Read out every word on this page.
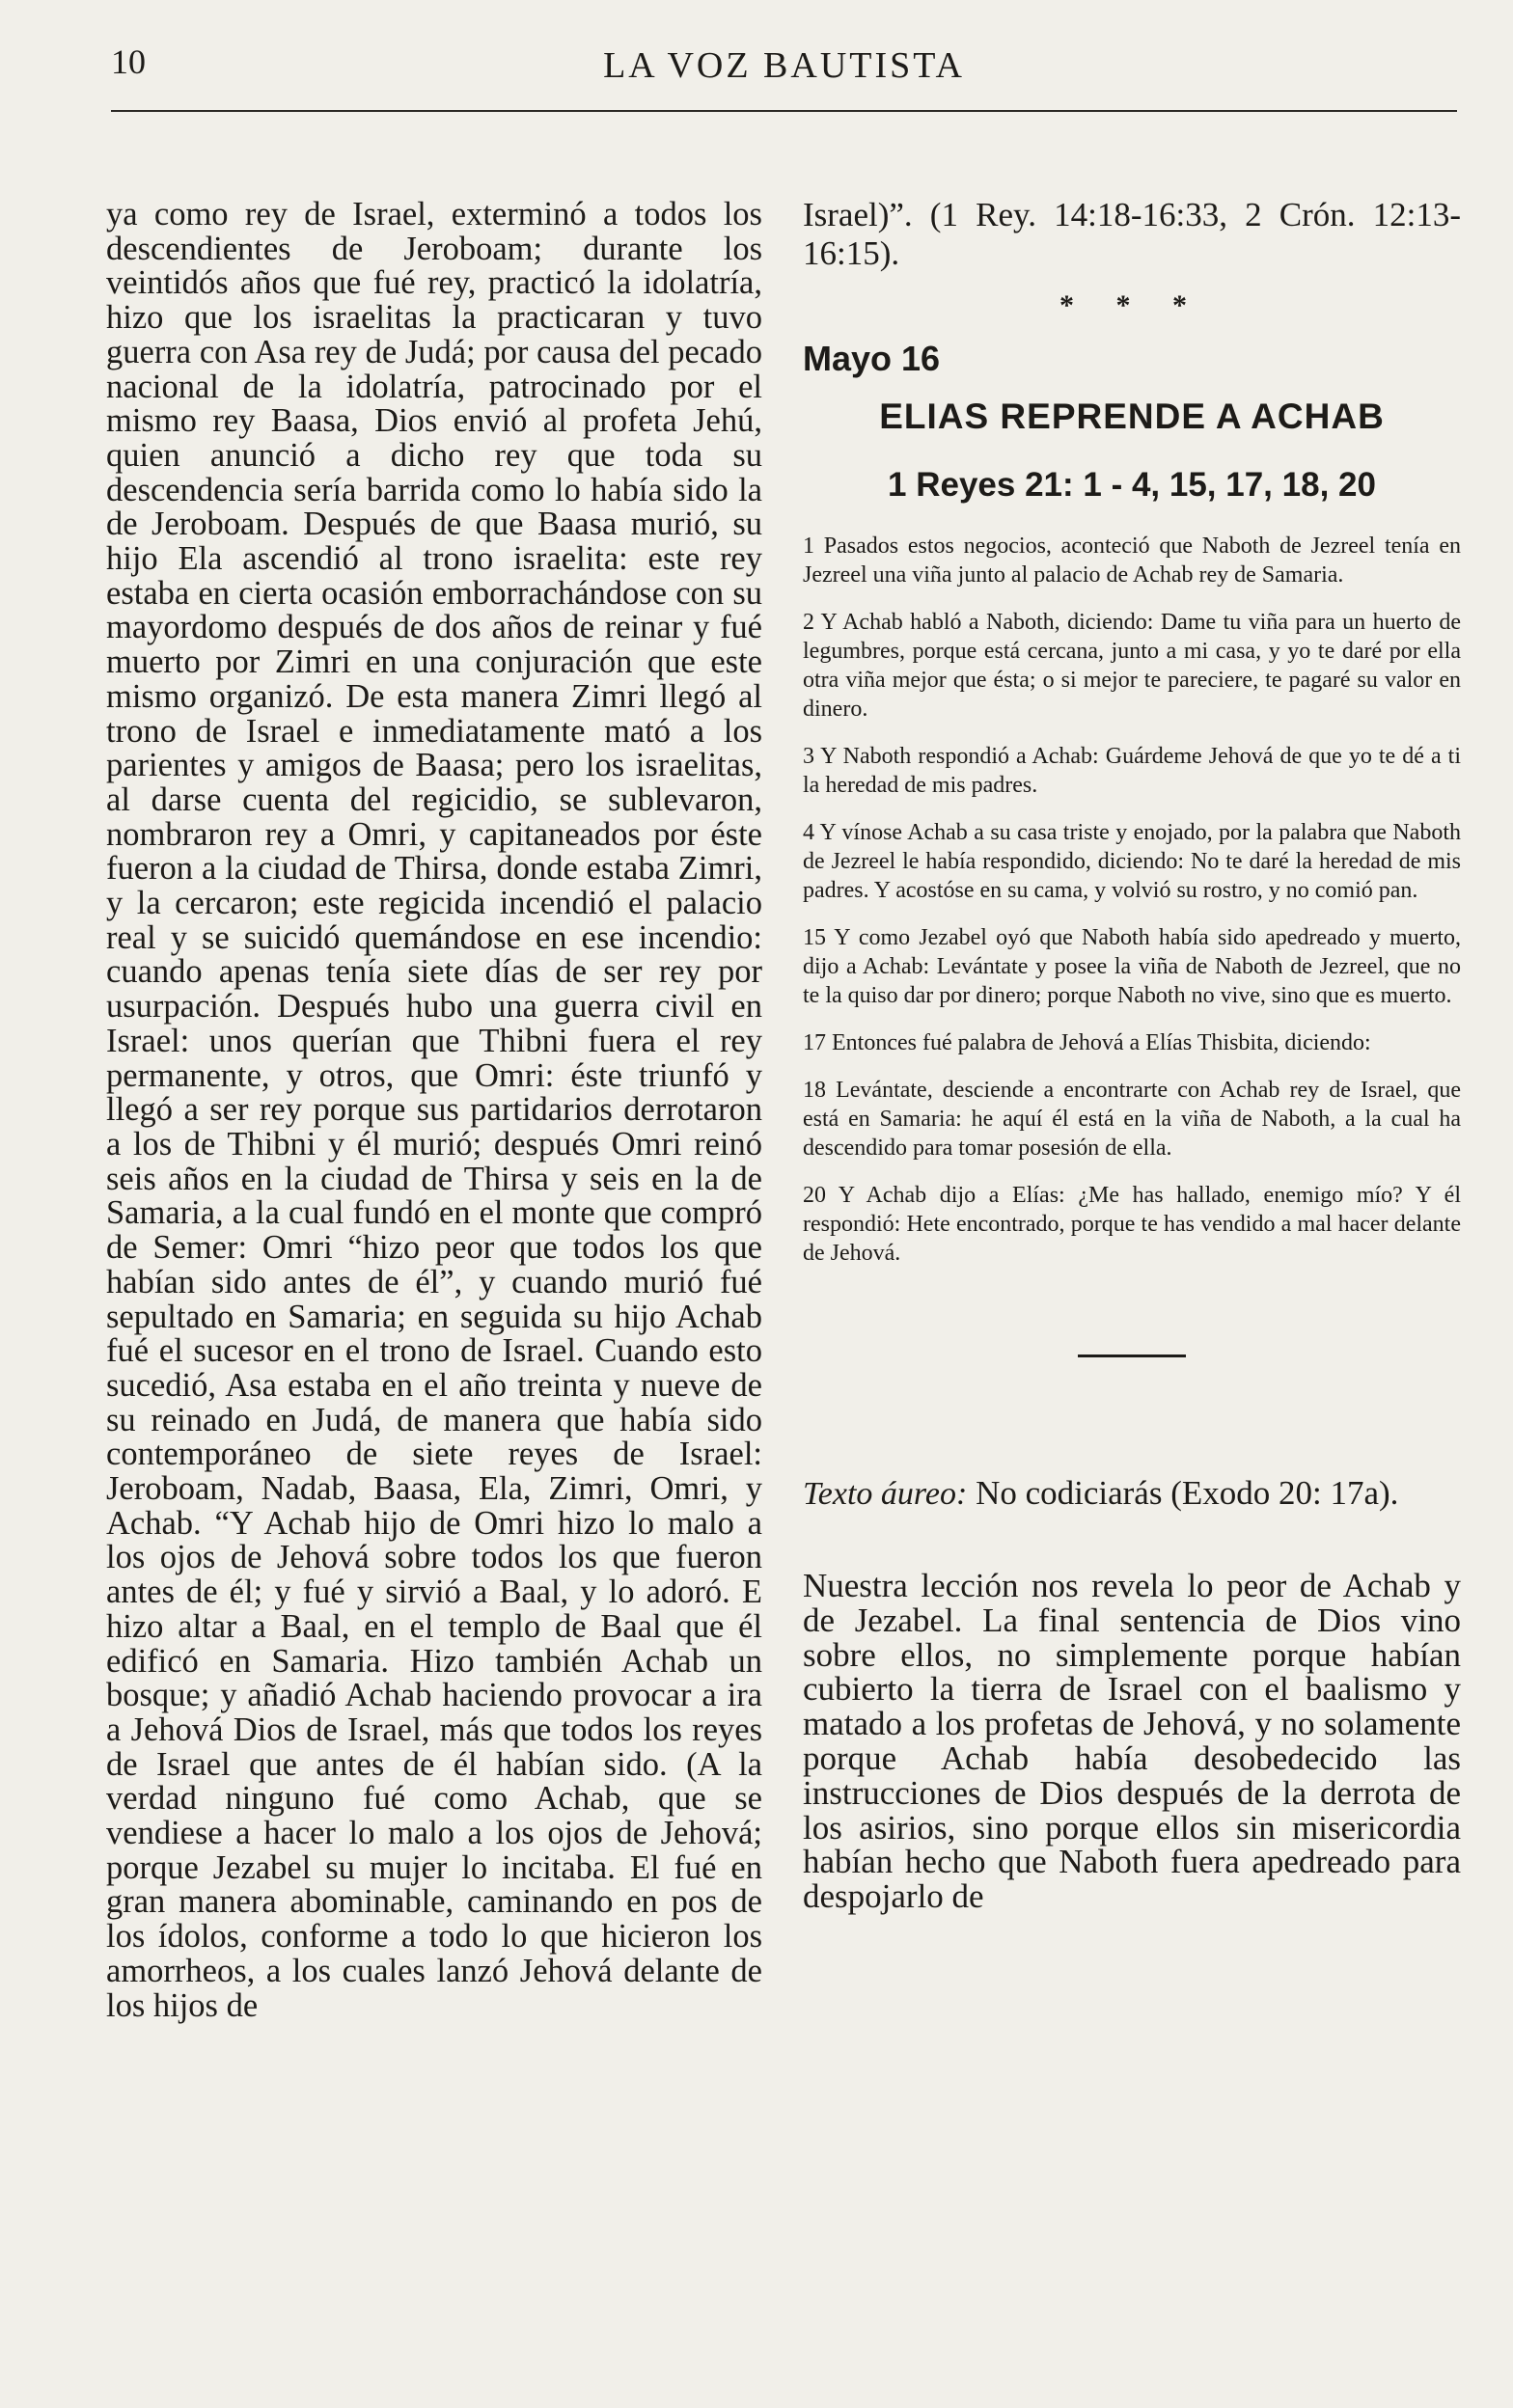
10	LA VOZ BAUTISTA
ya como rey de Israel, exterminó a todos los descendientes de Jeroboam; durante los veintidós años que fué rey, practicó la idolatría, hizo que los israelitas la practicaran y tuvo guerra con Asa rey de Judá; por causa del pecado nacional de la idolatría, patrocinado por el mismo rey Baasa, Dios envió al profeta Jehú, quien anunció a dicho rey que toda su descendencia sería barrida como lo había sido la de Jeroboam. Después de que Baasa murió, su hijo Ela ascendió al trono israelita: este rey estaba en cierta ocasión emborrachándose con su mayordomo después de dos años de reinar y fué muerto por Zimri en una conjuración que este mismo organizó. De esta manera Zimri llegó al trono de Israel e inmediatamente mató a los parientes y amigos de Baasa; pero los israelitas, al darse cuenta del regicidio, se sublevaron, nombraron rey a Omri, y capitaneados por éste fueron a la ciudad de Thirsa, donde estaba Zimri, y la cercaron; este regicida incendió el palacio real y se suicidó quemándose en ese incendio: cuando apenas tenía siete días de ser rey por usurpación. Después hubo una guerra civil en Israel: unos querían que Thibni fuera el rey permanente, y otros, que Omri: éste triunfó y llegó a ser rey porque sus partidarios derrotaron a los de Thibni y él murió; después Omri reinó seis años en la ciudad de Thirsa y seis en la de Samaria, a la cual fundó en el monte que compró de Semer: Omri “hizo peor que todos los que habían sido antes de él”, y cuando murió fué sepultado en Samaria; en seguida su hijo Achab fué el sucesor en el trono de Israel. Cuando esto sucedió, Asa estaba en el año treinta y nueve de su reinado en Judá, de manera que había sido contemporáneo de siete reyes de Israel: Jeroboam, Nadab, Baasa, Ela, Zimri, Omri, y Achab. “Y Achab hijo de Omri hizo lo malo a los ojos de Jehová sobre todos los que fueron antes de él; y fué y sirvió a Baal, y lo adoró. E hizo altar a Baal, en el templo de Baal que él edificó en Samaria. Hizo también Achab un bosque; y añadió Achab haciendo provocar a ira a Jehová Dios de Israel, más que todos los reyes de Israel que antes de él habían sido. (A la verdad ninguno fué como Achab, que se vendiese a hacer lo malo a los ojos de Jehová; porque Jezabel su mujer lo incitaba. El fué en gran manera abominable, caminando en pos de los ídolos, conforme a todo lo que hicieron los amorrheos, a los cuales lanzó Jehová delante de los hijos de

Israel)”. (1 Rey. 14:18-16:33, 2 Crón. 12:13-16:15).

* * *
Mayo 16
ELIAS REPRENDE A ACHAB
1 Reyes 21: 1 - 4, 15, 17, 18, 20

1 Pasados estos negocios, aconteció que Naboth de Jezreel tenía en Jezreel una viña junto al palacio de Achab rey de Samaria.

2 Y Achab habló a Naboth, diciendo: Dame tu viña para un huerto de legumbres, porque está cercana, junto a mi casa, y yo te daré por ella otra viña mejor que ésta; o si mejor te pareciere, te pagaré su valor en dinero.

3 Y Naboth respondió a Achab: Guárdeme Jehová de que yo te dé a ti la heredad de mis padres.

4 Y vínose Achab a su casa triste y enojado, por la palabra que Naboth de Jezreel le había respondido, diciendo: No te daré la heredad de mis padres. Y acostóse en su cama, y volvió su rostro, y no comió pan.

15 Y como Jezabel oyó que Naboth había sido apedreado y muerto, dijo a Achab: Levántate y posee la viña de Naboth de Jezreel, que no te la quiso dar por dinero; porque Naboth no vive, sino que es muerto.

17 Entonces fué palabra de Jehová a Elías Thisbita, diciendo:

18 Levántate, desciende a encontrarte con Achab rey de Israel, que está en Samaria: he aquí él está en la viña de Naboth, a la cual ha descendido para tomar posesión de ella.

20 Y Achab dijo a Elías: ¿Me has hallado, enemigo mío? Y él respondió: Hete encontrado, porque te has vendido a mal hacer delante de Jehová.

Texto áureo: No codiciarás (Exodo 20: 17a).
Nuestra lección nos revela lo peor de Achab y de Jezabel. La final sentencia de Dios vino sobre ellos, no simplemente porque habían cubierto la tierra de Israel con el baalismo y matado a los profetas de Jehová, y no solamente porque Achab había desobedecido las instrucciones de Dios después de la derrota de los asirios, sino porque ellos sin misericordia habían hecho que Naboth fuera apedreado para despojarlo de
